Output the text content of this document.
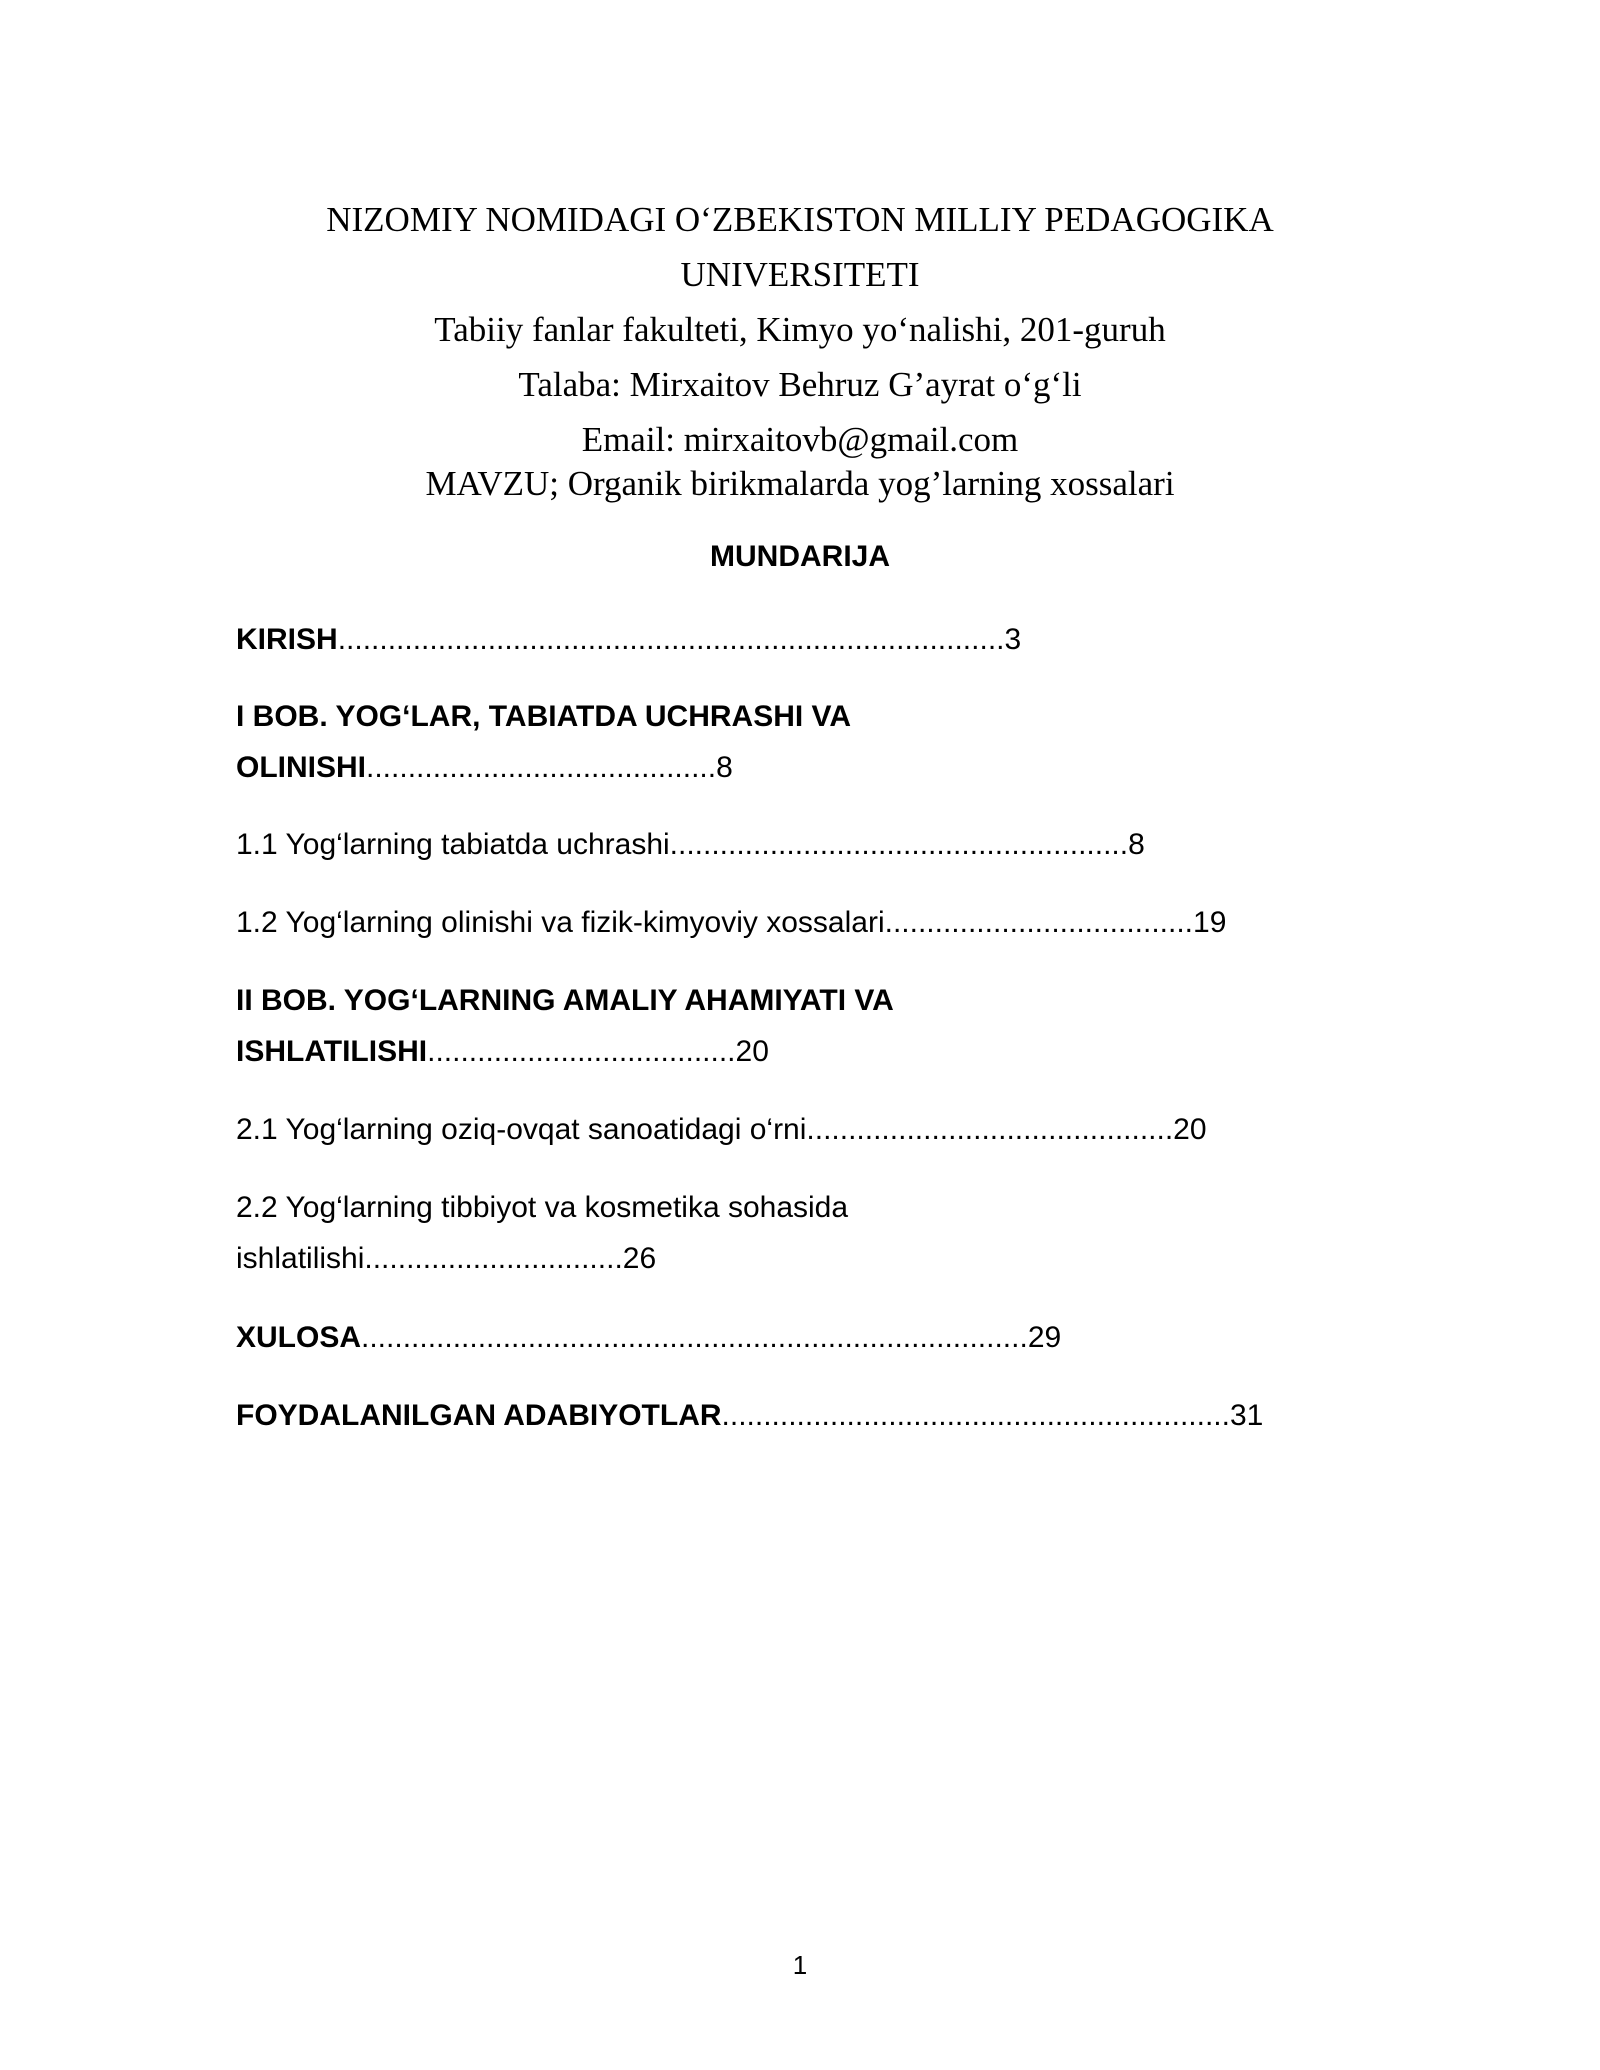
NIZOMIY NOMIDAGI O‘ZBEKISTON MILLIY PEDAGOGIKA
UNIVERSITETI
Tabiiy fanlar fakulteti, Kimyo yo‘nalishi, 201-guruh
Talaba: Mirxaitov Behruz G’ayrat o‘g‘li
Email: mirxaitovb@gmail.com
MAVZU; Organik birikmalarda yog’larning xossalari
MUNDARIJA
KIRISH................................................................................3
I BOB. YOG‘LAR, TABIATDA UCHRASHI VA
OLINISHI..........................................8
1.1 Yog‘larning tabiatda uchrashi.......................................................8
1.2 Yog‘larning olinishi va fizik-kimyoviy xossalari.....................................19
II BOB. YOG‘LARNING AMALIY AHAMIYATI VA
ISHLATILISHI.....................................20
2.1 Yog‘larning oziq-ovqat sanoatidagi o‘rni............................................20
2.2 Yog‘larning tibbiyot va kosmetika sohasida
ishlatilishi...............................26
XULOSA................................................................................29
FOYDALANILGAN ADABIYOTLAR.............................................................31
1
